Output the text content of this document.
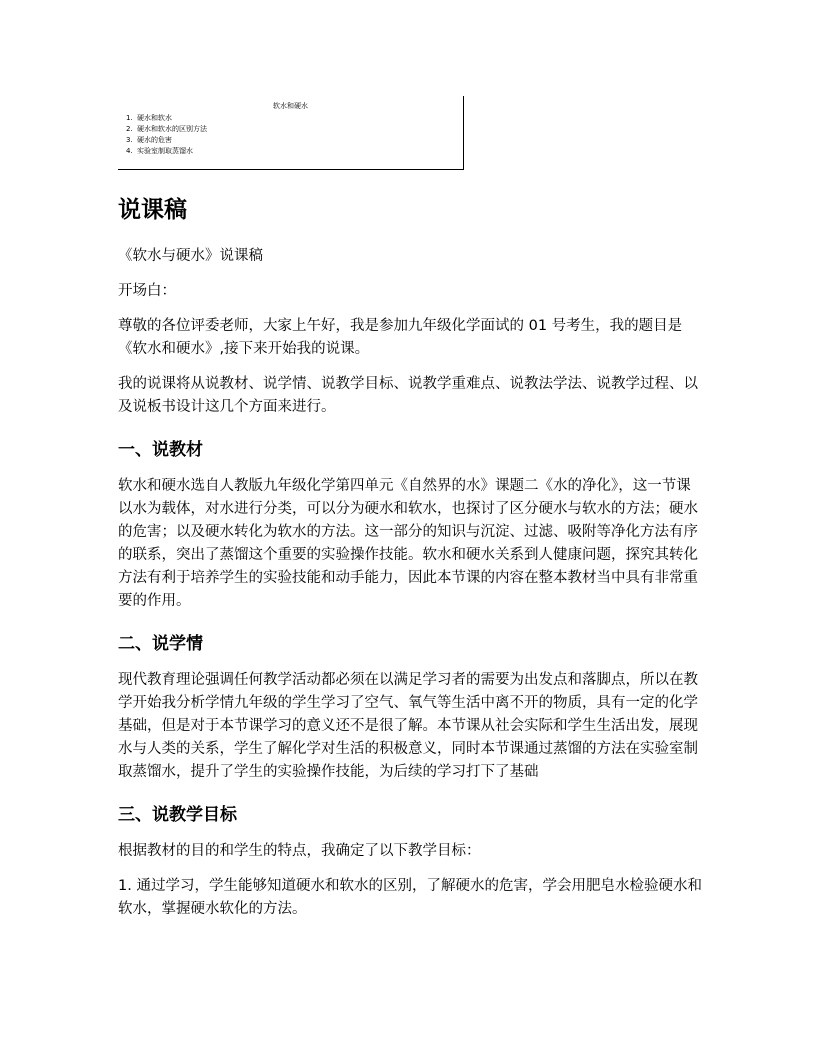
软水和硬水
1. 硬水和软水
2. 硬水和软水的区别方法
3. 硬水的危害
4. 实验室制取蒸馏水
说课稿

《软水与硬水》说课稿

开场白：

尊敬的各位评委老师，大家上午好，我是参加九年级化学面试的 01 号考生，我的题目是《软水和硬水》,接下来开始我的说课。

我的说课将从说教材、说学情、说教学目标、说教学重难点、说教法学法、说教学过程、以及说板书设计这几个方面来进行。

一、说教材

软水和硬水选自人教版九年级化学第四单元《自然界的水》课题二《水的净化》，这一节课以水为载体，对水进行分类，可以分为硬水和软水，也探讨了区分硬水与软水的方法；硬水的危害；以及硬水转化为软水的方法。这一部分的知识与沉淀、过滤、吸附等净化方法有序的联系，突出了蒸馏这个重要的实验操作技能。软水和硬水关系到人健康问题，探究其转化方法有利于培养学生的实验技能和动手能力，因此本节课的内容在整本教材当中具有非常重要的作用。

二、说学情

现代教育理论强调任何教学活动都必须在以满足学习者的需要为出发点和落脚点，所以在教学开始我分析学情九年级的学生学习了空气、氧气等生活中离不开的物质，具有一定的化学基础，但是对于本节课学习的意义还不是很了解。本节课从社会实际和学生生活出发，展现水与人类的关系，学生了解化学对生活的积极意义，同时本节课通过蒸馏的方法在实验室制取蒸馏水，提升了学生的实验操作技能，为后续的学习打下了基础

三、说教学目标

根据教材的目的和学生的特点，我确定了以下教学目标：

1. 通过学习，学生能够知道硬水和软水的区别，了解硬水的危害，学会用肥皂水检验硬水和软水，掌握硬水软化的方法。
